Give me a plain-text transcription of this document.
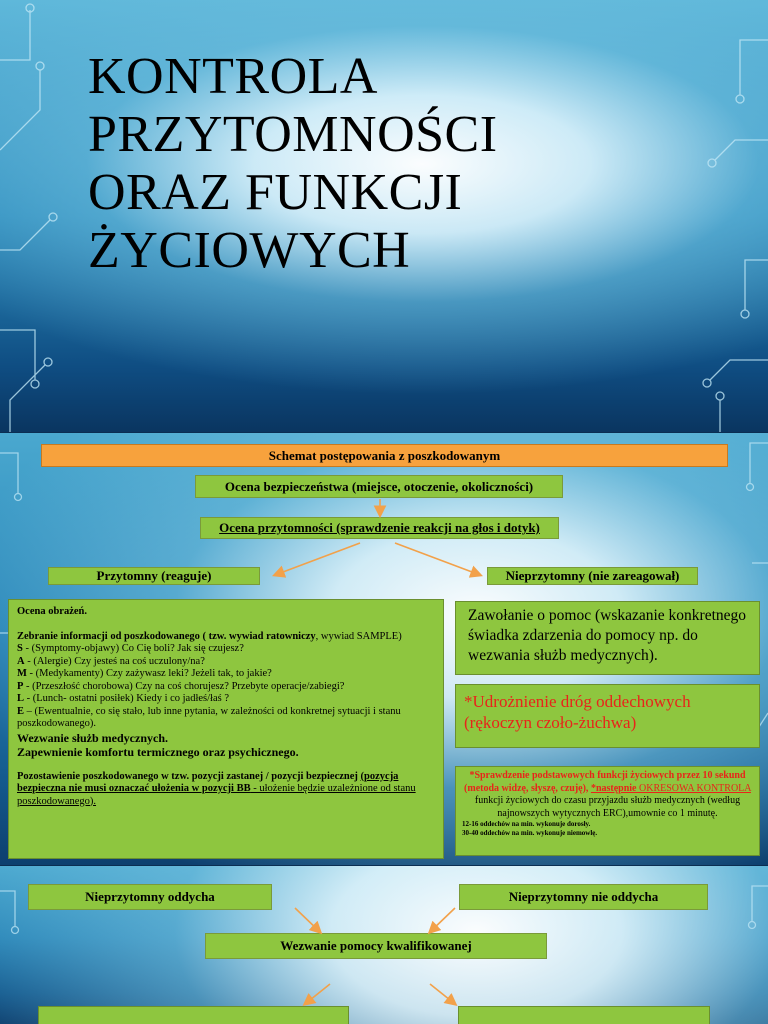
KONTROLA
PRZYTOMNOŚCI
ORAZ FUNKCJI
ŻYCIOWYCH
Schemat postępowania z poszkodowanym
Ocena bezpieczeństwa (miejsce, otoczenie, okoliczności)
Ocena przytomności (sprawdzenie reakcji na głos i dotyk)
Przytomny (reaguje)	Nieprzytomny (nie zareagował)
Ocena obrażeń.
Zebranie informacji od poszkodowanego ( tzw. wywiad ratowniczy, wywiad SAMPLE)
S - (Symptomy-objawy) Co Cię boli? Jak się czujesz?
A - (Alergie) Czy jesteś na coś uczulony/na?
M - (Medykamenty) Czy zażywasz leki? Jeżeli tak, to jakie?
P - (Przeszłość chorobowa) Czy na coś chorujesz? Przebyte operacje/zabiegi?
L - (Lunch- ostatni posiłek) Kiedy i co jadłeś/łaś ?
E – (Ewentualnie, co się stało, lub inne pytania, w zależności od konkretnej sytuacji i stanu poszkodowanego).
Wezwanie służb medycznych.
Zapewnienie komfortu termicznego oraz psychicznego.
Pozostawienie poszkodowanego w tzw. pozycji zastanej / pozycji bezpiecznej (pozycja bezpieczna nie musi oznaczać ułożenia w pozycji BB - ułożenie będzie uzależnione od stanu poszkodowanego).
Zawołanie o pomoc (wskazanie konkretnego świadka zdarzenia do pomocy np. do wezwania służb medycznych).
*Udrożnienie dróg oddechowych (rękoczyn czoło-żuchwa)
*Sprawdzenie podstawowych funkcji życiowych przez 10 sekund (metoda widzę, słyszę, czuję), *następnie OKRESOWA KONTROLA funkcji życiowych do czasu przyjazdu służb medycznych (według najnowszych wytycznych ERC),umownie co 1 minutę.
12-16 oddechów na min. wykonuje dorosły.
30-40 oddechów na min. wykonuje niemowlę.
Nieprzytomny oddycha	Nieprzytomny nie oddycha
Wezwanie pomocy kwalifikowanej
